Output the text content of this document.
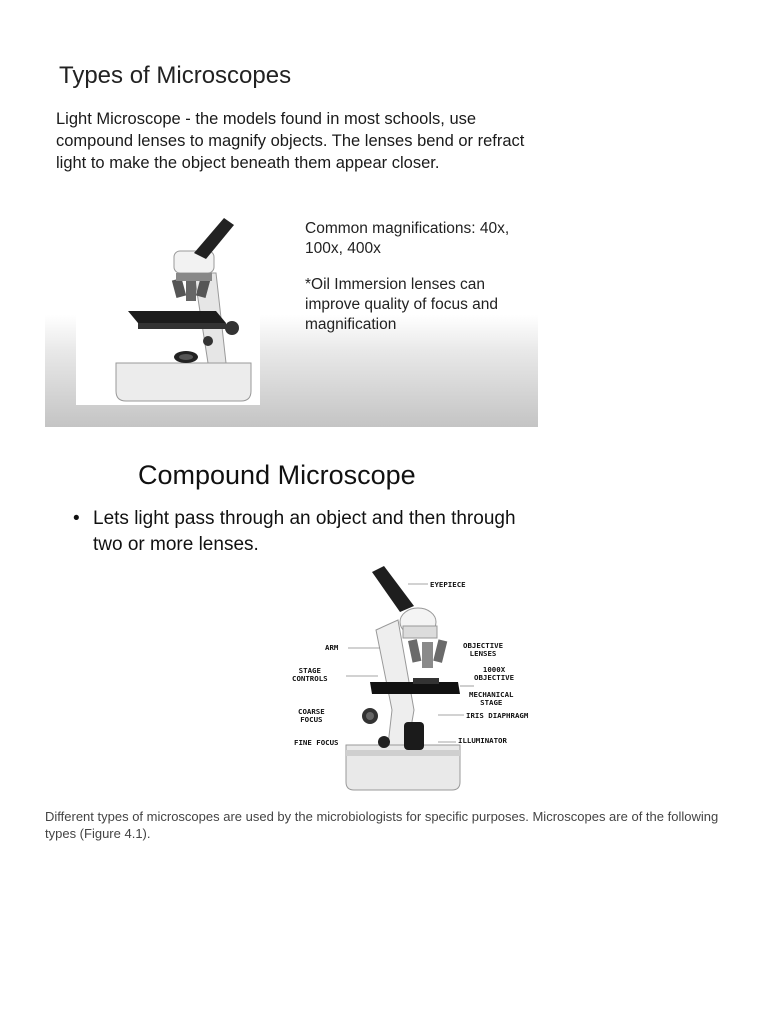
Types of Microscopes
Light Microscope - the models found in most schools, use compound lenses to magnify objects. The lenses bend or refract light to make the object beneath them appear closer.

Common magnifications: 40x, 100x, 400x

*Oil Immersion lenses can improve quality of focus and magnification

Compound Microscope
• Lets light pass through an object and then through two or more lenses.
EYEPIECE
ARM	OBJECTIVE
LENSES
STAGE
CONTROLS
1000X
OBJECTIVE
MECHANICAL
STAGE
COARSE
FOCUS	IRIS DIAPHRAGM
FINE FOCUS	ILLUMINATOR
Different types of microscopes are used by the microbiologists for specific purposes. Microscopes are of the following types (Figure 4.1).
